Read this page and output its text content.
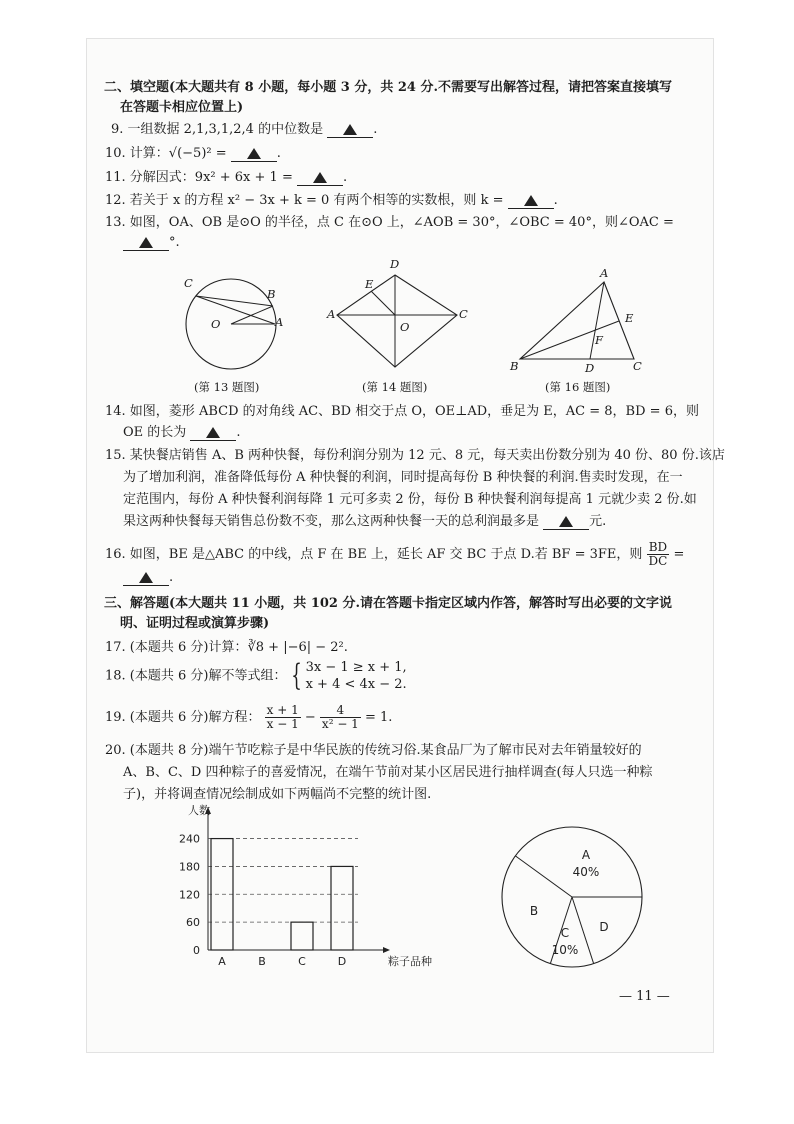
二、填空题(本大题共有 8 小题，每小题 3 分，共 24 分.不需要写出解答过程，请把答案直接填写
在答题卡相应位置上)
9. 一组数据 2,1,3,1,2,4 的中位数是	.
10. 计算：√(−5)² =	.
11. 分解因式：9x² + 6x + 1 =	.
12. 若关于 x 的方程 x² − 3x + k = 0 有两个相等的实数根，则 k =	.
13. 如图，OA、OB 是⊙O 的半径，点 C 在⊙O 上，∠AOB = 30°，∠OBC = 40°，则∠OAC =
°.
C
B
O	A
(第 13 题图)
D
E
A
O
C
(第 14 题图)
A
E
F
B	D	C
(第 16 题图)
14. 如图，菱形 ABCD 的对角线 AC、BD 相交于点 O，OE⊥AD，垂足为 E，AC = 8，BD = 6，则
OE 的长为	.
15. 某快餐店销售 A、B 两种快餐，每份利润分别为 12 元、8 元，每天卖出份数分别为 40 份、80 份.该店
为了增加利润，准备降低每份 A 种快餐的利润，同时提高每份 B 种快餐的利润.售卖时发现，在一
定范围内，每份 A 种快餐利润每降 1 元可多卖 2 份，每份 B 种快餐利润每提高 1 元就少卖 2 份.如
果这两种快餐每天销售总份数不变，那么这两种快餐一天的总利润最多是	元.
16. 如图，BE 是△ABC 的中线，点 F 在 BE 上，延长 AF 交 BC 于点 D.若 BF = 3FE，则 $\frac{BD}{DC}$ =
.
三、解答题(本大题共 11 小题，共 102 分.请在答题卡指定区域内作答，解答时写出必要的文字说
明、证明过程或演算步骤)
17. (本题共 6 分)计算：∛8 + |−6| − 2².
18. (本题共 6 分)解不等式组： { 3x − 1 ≥ x + 1,
x + 4 < 4x − 2.
19. (本题共 6 分)解方程： $\frac{x + 1}{x - 1} - \frac{4}{\text{x² − 1}} = 1$.
20. (本题共 8 分)端午节吃粽子是中华民族的传统习俗.某食品厂为了解市民对去年销量较好的
A、B、C、D 四种粽子的喜爱情况，在端午节前对某小区居民进行抽样调查(每人只选一种粽
子)，并将调查情况绘制成如下两幅尚不完整的统计图.
人数
0
60
120
180
240
A	B	C	D	粽子品种
A
40%
B
C
10%
D
— 11 —
